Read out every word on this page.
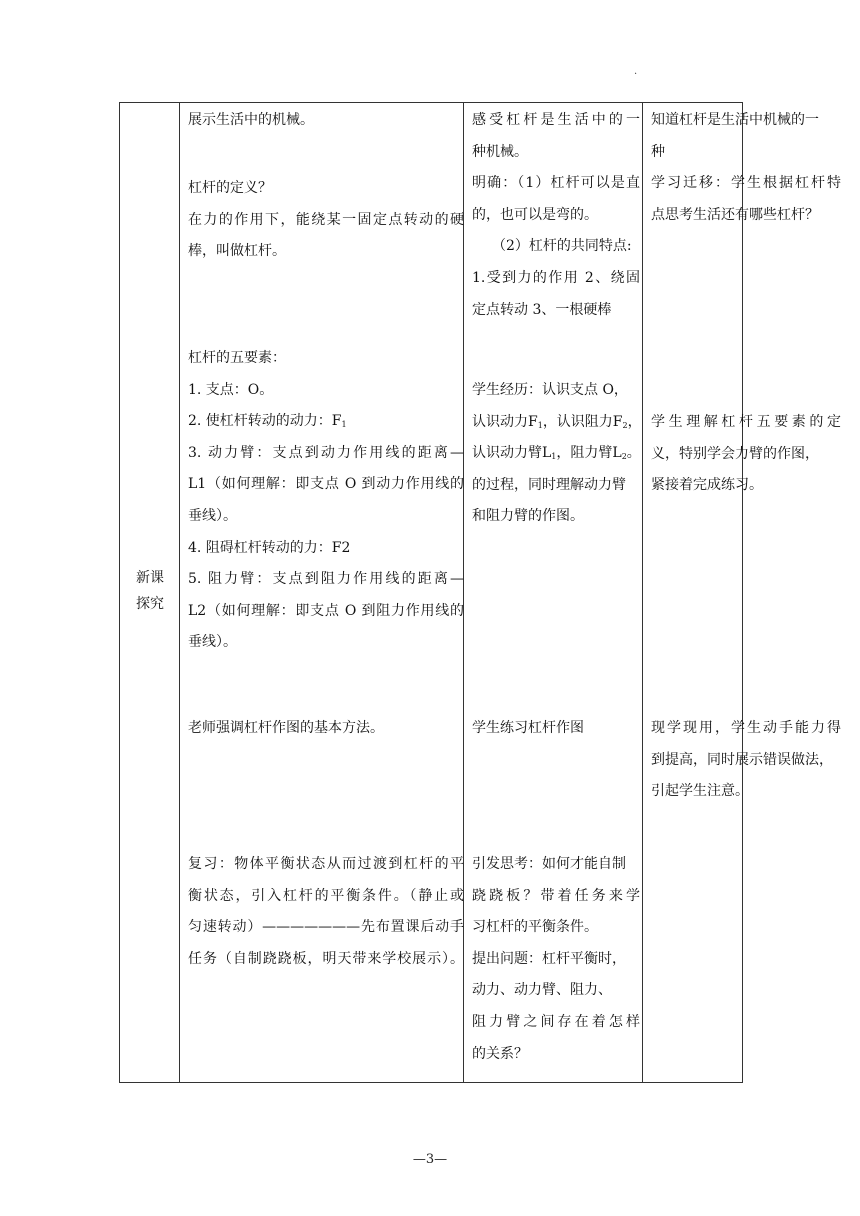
.
新课
探究
展示生活中的机械。
杠杆的定义？
在力的作用下，能绕某一固定点转动的硬
棒，叫做杠杆。
杠杆的五要素：
1. 支点：O。
2. 使杠杆转动的动力：$F_1$
3. 动力臂：支点到动力作用线的距离—
L1（如何理解：即支点 O 到动力作用线的
垂线）。
4. 阻碍杠杆转动的力：F2
5. 阻力臂：支点到阻力作用线的距离—
L2（如何理解：即支点 O 到阻力作用线的
垂线）。
老师强调杠杆作图的基本方法。
复习：物体平衡状态从而过渡到杠杆的平
衡状态，引入杠杆的平衡条件。（静止或
匀速转动）———————先布置课后动手
任务（自制跷跷板，明天带来学校展示）。
感受杠杆是生活中的一
种机械。
明确：（1）杠杆可以是直
的，也可以是弯的。
（2）杠杆的共同特点:
1.受到力的作用 2、绕固
定点转动 3、一根硬棒
学生经历：认识支点 O，
认识动力$F_1$，认识阻力$F_2$，
认识动力臂$L_1$，阻力臂$L_2$。
的过程，同时理解动力臂
和阻力臂的作图。
学生练习杠杆作图
引发思考：如何才能自制
跷跷板？带着任务来学
习杠杆的平衡条件。
提出问题：杠杆平衡时，
动力、动力臂、阻力、
阻力臂之间存在着怎样
的关系？
知道杠杆是生活中机械的一
种
学习迁移：学生根据杠杆特
点思考生活还有哪些杠杆？
学生理解杠杆五要素的定
义，特别学会力臂的作图，
紧接着完成练习。
现学现用，学生动手能力得
到提高，同时展示错误做法，
引起学生注意。
—3—
